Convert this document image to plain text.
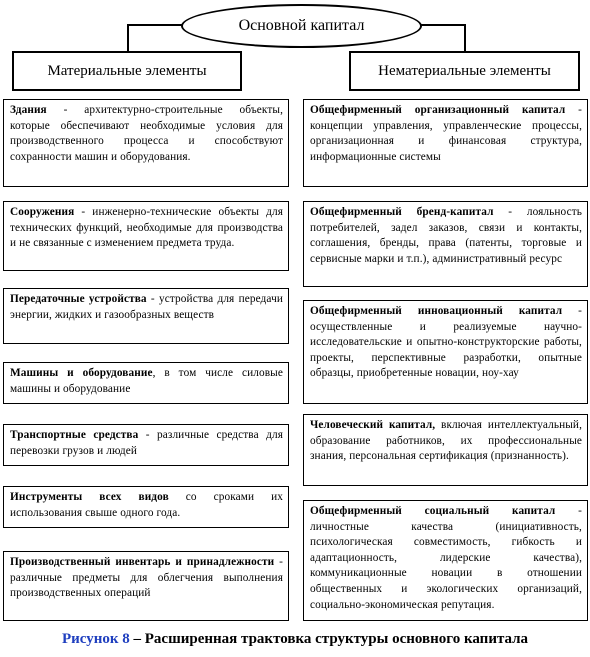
Основной капитал
Материальные элементы	Нематериальные элементы
Здания - архитектурно-строительные объекты, которые обеспечивают необходимые условия для производственного процесса и способствуют сохранности машин и оборудования.
Сооружения - инженерно-технические объекты для технических функций, необходимые для производства и не связанные с изменением предмета труда.
Передаточные устройства - устройства для передачи энергии, жидких и газообразных веществ
Машины и оборудование, в том числе силовые машины и оборудование
Транспортные средства - различные средства для перевозки грузов и людей
Инструменты всех видов со сроками их использования свыше одного года.
Производственный инвентарь и принадлежности - различные предметы для облегчения выполнения производственных операций
Общефирменный организационный капитал - концепции управления, управленческие процессы, организационная и финансовая структура, информационные системы
Общефирменный бренд-капитал - лояльность потребителей, задел заказов, связи и контакты, соглашения, бренды, права (патенты, торговые и сервисные марки и т.п.), административный ресурс
Общефирменный инновационный капитал - осуществленные и реализуемые научно-исследовательские и опытно-конструкторские работы, проекты, перспективные разработки, опытные образцы, приобретенные новации, ноу-хау
Человеческий капитал, включая интеллектуальный, образование работников, их профессиональные знания, персональная сертификация (признанность).
Общефирменный социальный капитал - личностные качества (инициативность, психологическая совместимость, гибкость и адаптационность, лидерские качества), коммуникационные новации в отношении общественных и экологических организаций, социально-экономическая репутация.
Рисунок 8 – Расширенная трактовка структуры основного капитала
